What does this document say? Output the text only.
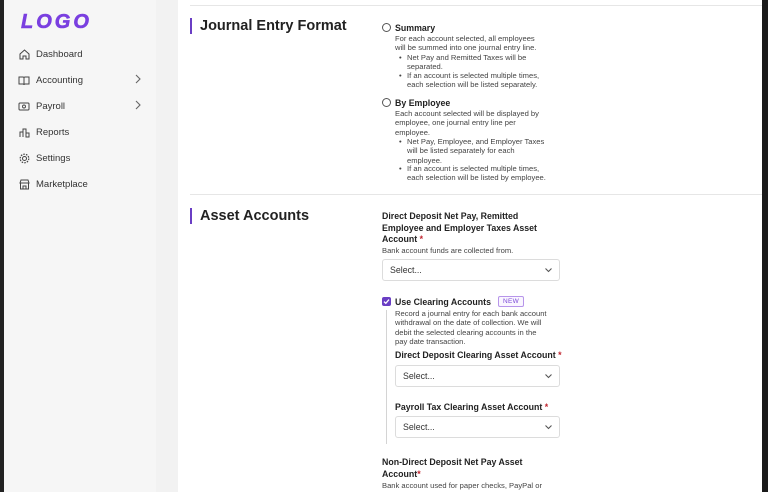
LOGO
Dashboard
Accounting
Payroll
Reports
Settings
Marketplace
Journal Entry Format	Summary
For each account selected, all employees
will be summed into one journal entry line.
• Net Pay and Remitted Taxes will be
separated.
• If an account is selected multiple times,
each selection will be listed separately.
By Employee
Each account selected will be displayed by
employee, one journal entry line per
employee.
• Net Pay, Employee, and Employer Taxes
will be listed separately for each
employee.
• If an account is selected multiple times,
each selection will be listed by employee.
Asset Accounts	Direct Deposit Net Pay, Remitted
Employee and Employer Taxes Asset
Account *
Bank account funds are collected from.
Select...
Use Clearing Accounts	NEW
Record a journal entry for each bank account
withdrawal on the date of collection. We will
debit the selected clearing accounts in the
pay date transaction.
Direct Deposit Clearing Asset Account *
Select...
Payroll Tax Clearing Asset Account *
Select...
Non-Direct Deposit Net Pay Asset
Account*
Bank account used for paper checks, PayPal or
